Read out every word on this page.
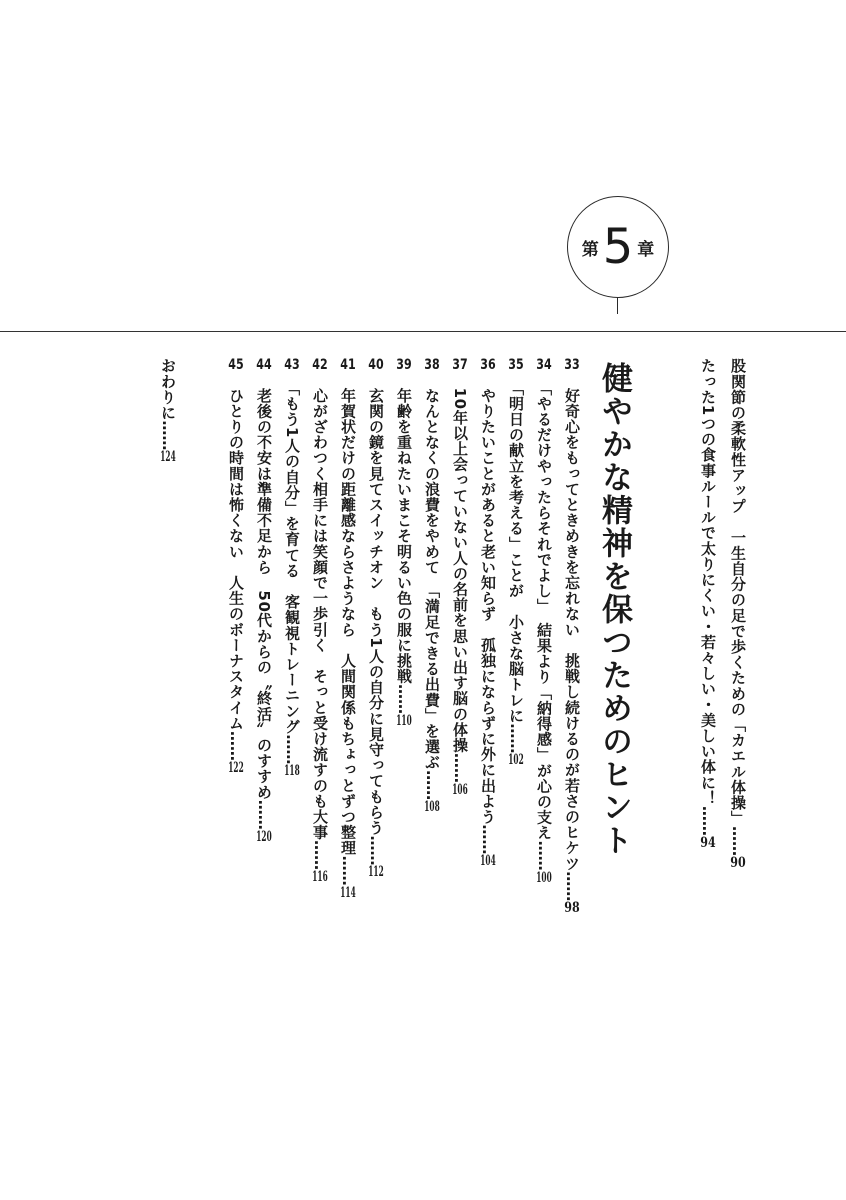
第 5 章
股関節の柔軟性アップ　一生自分の足で歩くための「カエル体操」……90
たった1つの食事ルールで太りにくい・若々しい・美しい体に！……94
健やかな精神を保つためのヒント
33　好奇心をもってときめきを忘れない　挑戦し続けるのが若さのヒケツ……98
34　「やるだけやったらそれでよし」　結果より「納得感」が心の支え……100
35　「明日の献立を考える」ことが　小さな脳トレに……102
36　やりたいことがあると老い知らず　孤独にならずに外に出よう……104
37　10年以上会っていない人の名前を思い出す脳の体操……106
38　なんとなくの浪費をやめて　「満足できる出費」を選ぶ……108
39　年齢を重ねたいまこそ明るい色の服に挑戦……110
40　玄関の鏡を見てスイッチオン　もう1人の自分に見守ってもらう……112
41　年賀状だけの距離感ならさようなら　人間関係もちょっとずつ整理……114
42　心がざわつく相手には笑顔で一歩引く　そっと受け流すのも大事……116
43　「もう1人の自分」を育てる　客観視トレーニング……118
44　老後の不安は準備不足から　50代からの〝終活〟のすすめ……120
45　ひとりの時間は怖くない　人生のボーナスタイム……122
おわりに……124
